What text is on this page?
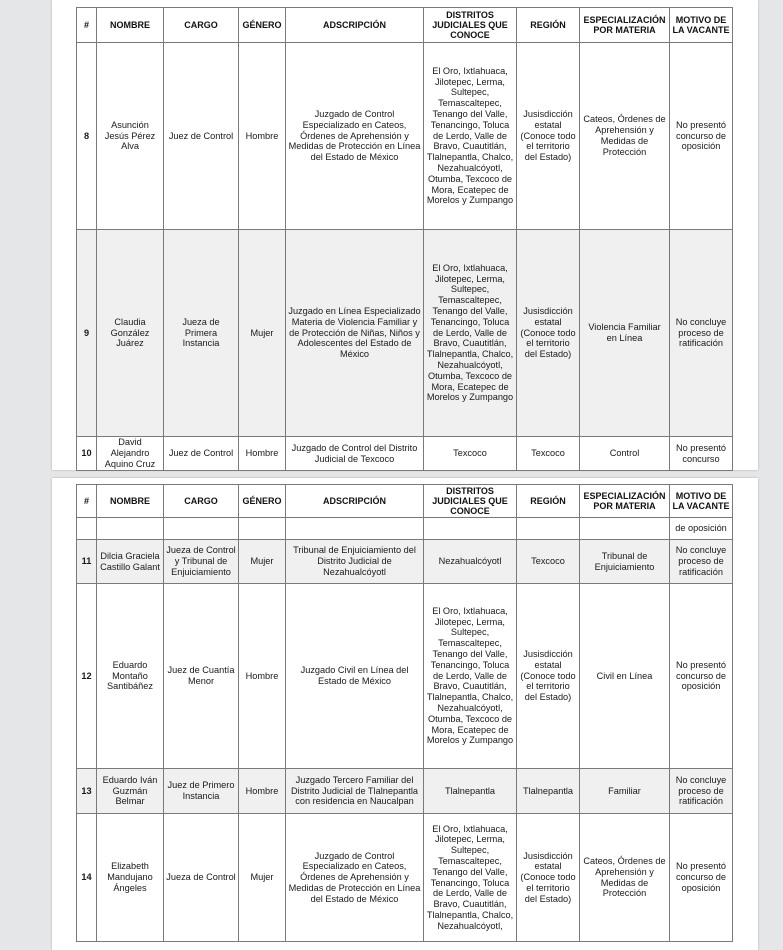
#	NOMBRE	CARGO	GÉNERO	ADSCRIPCIÓN	DISTRITOS JUDICIALES QUE CONOCE	REGIÓN	ESPECIALIZACIÓN POR MATERIA	MOTIVO DE LA VACANTE
8	Asunción Jesús Pérez Alva	Juez de Control	Hombre	Juzgado de Control Especializado en Cateos, Órdenes de Aprehensión y Medidas de Protección en Línea del Estado de México	El Oro, Ixtlahuaca, Jilotepec, Lerma, Sultepec, Temascaltepec, Tenango del Valle, Tenancingo, Toluca de Lerdo, Valle de Bravo, Cuautitlán, Tlalnepantla, Chalco, Nezahualcóyotl, Otumba, Texcoco de Mora, Ecatepec de Morelos y Zumpango	Jusisdicción estatal (Conoce todo el territorio del Estado)	Cateos, Órdenes de Aprehensión y Medidas de Protección	No presentó concurso de oposición
9	Claudia González Juárez	Jueza de Primera Instancia	Mujer	Juzgado en Línea Especializado Materia de Violencia Familiar y de Protección de Niñas, Niños y Adolescentes del Estado de México	El Oro, Ixtlahuaca, Jilotepec, Lerma, Sultepec, Temascaltepec, Tenango del Valle, Tenancingo, Toluca de Lerdo, Valle de Bravo, Cuautitlán, Tlalnepantla, Chalco, Nezahualcóyotl, Otumba, Texcoco de Mora, Ecatepec de Morelos y Zumpango	Jusisdicción estatal (Conoce todo el territorio del Estado)	Violencia Familiar en Línea	No concluye proceso de ratificación
10	David Alejandro Aquino Cruz	Juez de Control	Hombre	Juzgado de Control del Distrito Judicial de Texcoco	Texcoco	Texcoco	Control	No presentó concurso
#	NOMBRE	CARGO	GÉNERO	ADSCRIPCIÓN	DISTRITOS JUDICIALES QUE CONOCE	REGIÓN	ESPECIALIZACIÓN POR MATERIA	MOTIVO DE LA VACANTE
								de oposición
11	Dilcia Graciela Castillo Galant	Jueza de Control y Tribunal de Enjuiciamiento	Mujer	Tribunal de Enjuiciamiento del Distrito Judicial de Nezahualcóyotl	Nezahualcóyotl	Texcoco	Tribunal de Enjuiciamiento	No concluye proceso de ratificación
12	Eduardo Montaño Santibáñez	Juez de Cuantía Menor	Hombre	Juzgado Civil en Línea del Estado de México	El Oro, Ixtlahuaca, Jilotepec, Lerma, Sultepec, Temascaltepec, Tenango del Valle, Tenancingo, Toluca de Lerdo, Valle de Bravo, Cuautitlán, Tlalnepantla, Chalco, Nezahualcóyotl, Otumba, Texcoco de Mora, Ecatepec de Morelos y Zumpango	Jusisdicción estatal (Conoce todo el territorio del Estado)	Civil en Línea	No presentó concurso de oposición
13	Eduardo Iván Guzmán Belmar	Juez de Primero Instancia	Hombre	Juzgado Tercero Familiar del Distrito Judicial de Tlalnepantla con residencia en Naucalpan	Tlalnepantla	Tlalnepantla	Familiar	No concluye proceso de ratificación
14	Elizabeth Mandujano Ángeles	Jueza de Control	Mujer	Juzgado de Control Especializado en Cateos, Órdenes de Aprehensión y Medidas de Protección en Línea del Estado de México	El Oro, Ixtlahuaca, Jilotepec, Lerma, Sultepec, Temascaltepec, Tenango del Valle, Tenancingo, Toluca de Lerdo, Valle de Bravo, Cuautitlán, Tlalnepantla, Chalco, Nezahualcóyotl,	Jusisdicción estatal (Conoce todo el territorio del Estado)	Cateos, Órdenes de Aprehensión y Medidas de Protección	No presentó concurso de oposición
